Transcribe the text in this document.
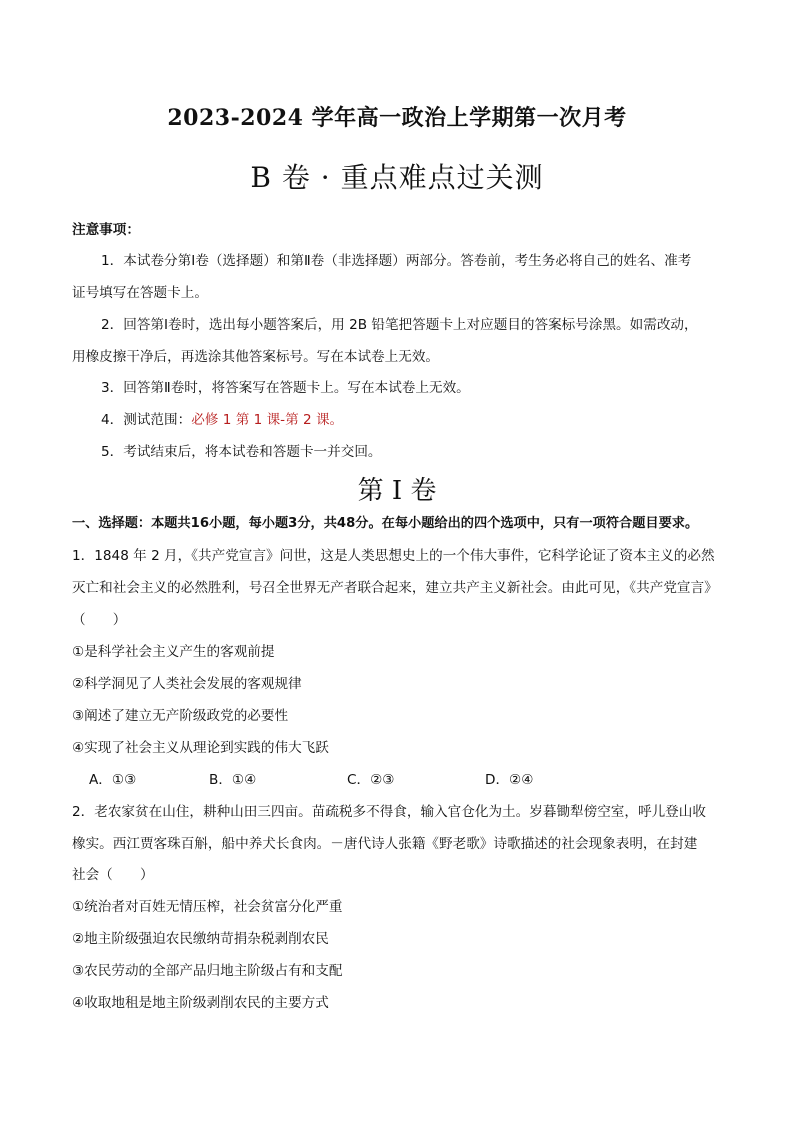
2023-2024 学年高一政治上学期第一次月考
B 卷 · 重点难点过关测
注意事项：
1．本试卷分第Ⅰ卷（选择题）和第Ⅱ卷（非选择题）两部分。答卷前，考生务必将自己的姓名、准考
证号填写在答题卡上。
2．回答第Ⅰ卷时，选出每小题答案后，用 2B 铅笔把答题卡上对应题目的答案标号涂黑。如需改动，
用橡皮擦干净后，再选涂其他答案标号。写在本试卷上无效。
3．回答第Ⅱ卷时，将答案写在答题卡上。写在本试卷上无效。
4．测试范围：必修 1 第 1 课-第 2 课。
5．考试结束后，将本试卷和答题卡一并交回。
第 I 卷
一、选择题：本题共16小题，每小题3分，共48分。在每小题给出的四个选项中，只有一项符合题目要求。
1．1848 年 2 月，《共产党宣言》问世，这是人类思想史上的一个伟大事件，它科学论证了资本主义的必然
灭亡和社会主义的必然胜利，号召全世界无产者联合起来，建立共产主义新社会。由此可见，《共产党宣言》
（　　）
①是科学社会主义产生的客观前提
②科学洞见了人类社会发展的客观规律
③阐述了建立无产阶级政党的必要性
④实现了社会主义从理论到实践的伟大飞跃
A．①③	B．①④	C．②③	D．②④
2．老农家贫在山住，耕种山田三四亩。苗疏税多不得食，输入官仓化为土。岁暮锄犁傍空室，呼儿登山收
橡实。西江贾客珠百斛，船中养犬长食肉。－唐代诗人张籍《野老歌》诗歌描述的社会现象表明，在封建
社会（　　）
①统治者对百姓无情压榨，社会贫富分化严重
②地主阶级强迫农民缴纳苛捐杂税剥削农民
③农民劳动的全部产品归地主阶级占有和支配
④收取地租是地主阶级剥削农民的主要方式
